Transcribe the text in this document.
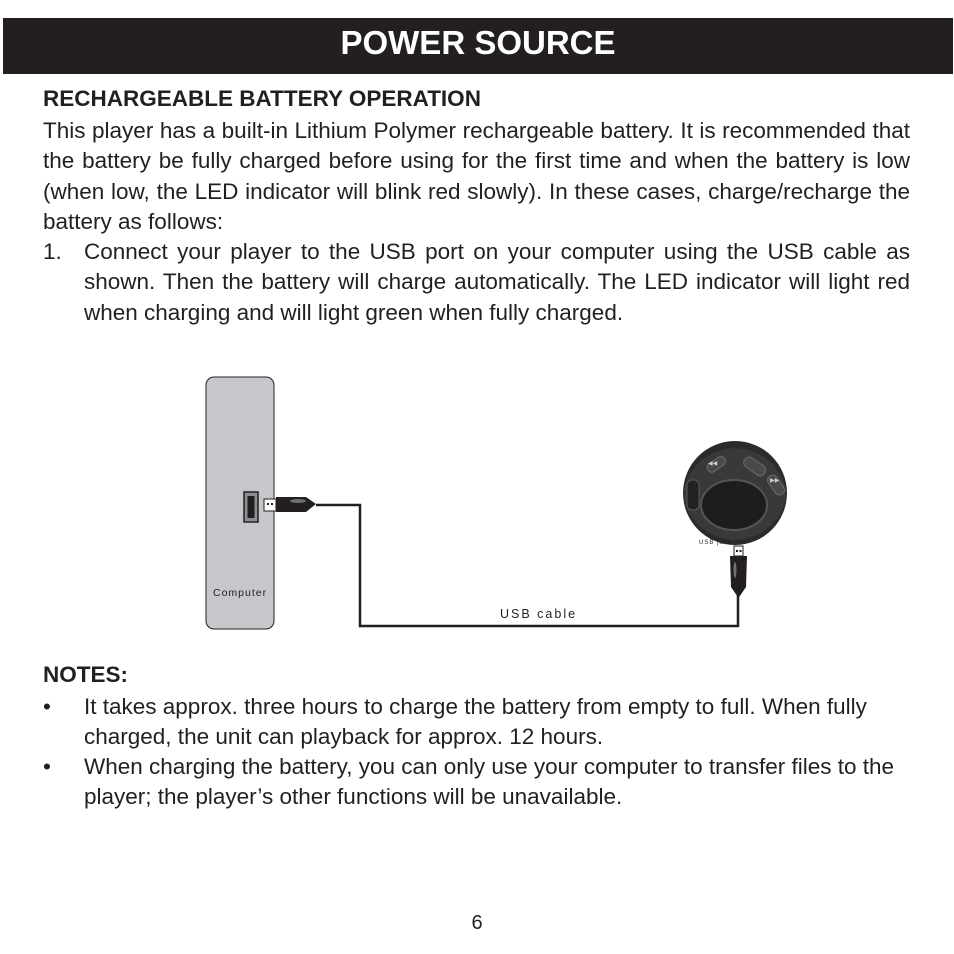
POWER SOURCE
RECHARGEABLE BATTERY OPERATION

This player has a built-in Lithium Polymer rechargeable battery. It is recommended that the battery be fully charged before using for the first time and when the battery is low (when low, the LED indicator will blink red slowly). In these cases, charge/recharge the battery as follows:

1. Connect your player to the USB port on your computer using the USB cable as shown. Then the battery will charge automatically. The LED indicator will light red when charging and will light green when fully charged.
Computer
USB cable
◀◀
▶▶
USB jack
NOTES:
• It takes approx. three hours to charge the battery from empty to full. When fully charged, the unit can playback for approx. 12 hours.
• When charging the battery, you can only use your computer to transfer files to the player; the player’s other functions will be unavailable.
6
